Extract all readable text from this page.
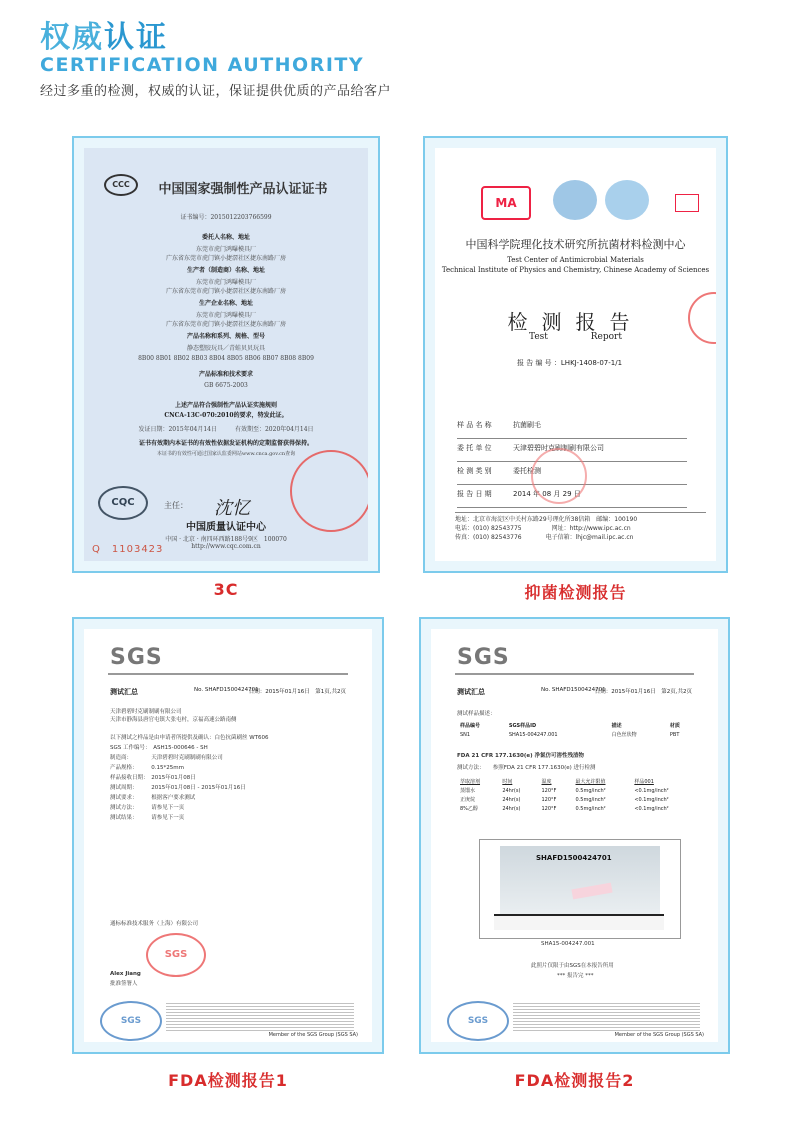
权威认证
CERTIFICATION AUTHORITY
经过多重的检测，权威的认证，保证提供优质的产品给客户
CCC	中国国家强制性产品认证证书
证书编号：2015012203766599
委托人名称、地址
东莞市虎门鸿曝模具厂
广东省东莞市虎门镇小捷滘社区捷东南路厂房
生产者（制造商）名称、地址
东莞市虎门鸿曝模具厂
广东省东莞市虎门镇小捷滘社区捷东南路厂房
生产企业名称、地址
东莞市虎门鸿曝模具厂
广东省东莞市虎门镇小捷滘社区捷东南路厂房
产品名称和系列、规格、型号
静态塑胶玩具／青蛙贝贝玩具
8B00 8B01 8B02 8B03 8B04 8B05 8B06 8B07 8B08 8B09
产品标准和技术要求
GB 6675-2003
上述产品符合强制性产品认证实施规则
CNCA-13C-070:2010的要求，特发此证。
发证日期：2015年04月14日　　　有效期至：2020年04月14日
证书有效期内本证书的有效性依据发证机构的定期监督获得保持。
本证书的有效性可通过国家认监委网站www.cnca.gov.cn查询
CQC	主任：	沈忆
中国质量认证中心
中国 · 北京 · 南四环西路188号9区　100070
http://www.cqc.com.cn
Q　1103423
3C
MA
中国科学院理化技术研究所抗菌材料检测中心
Test Center of Antimicrobial Materials
Technical Institute of Physics and Chemistry, Chinese Academy of Sciences
检测报告
Test Report
报 告 编 号 ：LHKJ-1408-07-1/1
样 品 名 称	抗菌刷毛
委 托 单 位	天津碧碧时克刷制刷有限公司
检 测 类 别	委托检测
报 告 日 期	2014 年 08 月 29 日
地址：北京市海淀区中关村东路29号理化所38信箱　邮编：100190
电话：(010) 82543775　　　　　网址：http://www.ipc.ac.cn
传真：(010) 82543776　　　　电子信箱：lhjc@mail.ipc.ac.cn
抑菌检测报告
SGS
测试汇总	No. SHAFD1500424701
日期：2015年01月16日　第1页,共2页
天津碧碧时克刷制刷有限公司
天津市静海县唐官屯镇大张屯村，京福高速公路南侧
以下测试之样品是由申请者所提供及确认：白色抗菌刷丝 WT606
SGS 工作编号：　ASH15-000646 - SH
制造商：　　　　天津碧碧时克刷制刷有限公司
产品规格：　　　0.15*25mm
样品接收日期：　2015年01月08日
测试周期：　　　2015年01月08日 - 2015年01月16日
测试要求：　　　根据客户要求测试
测试方法：　　　请参见下一页
测试结果：　　　请参见下一页
通标标准技术服务（上海）有限公司
SGS
Alex Jiang
批准签署人
SGS
Member of the SGS Group (SGS SA)
FDA检测报告1
SGS
测试汇总	No. SHAFD1500424701
日期：2015年01月16日　第2页,共2页
测试样品描述：
样品编号	SGS样品ID	描述	材质
SN1	SHA15-004247.001	白色丝状物	PBT
FDA 21 CFR 177.1630(e) 净氯仿可溶性残渣物
测试方法：　　参照FDA 21 CFR 177.1630(e) 进行检测
萃取溶剂	时间	温度	最大允许限值	样品001
蒸馏水	24hr(s)	120°F	0.5mg/inch²	<0.1mg/inch²
正庚烷	24hr(s)	120°F	0.5mg/inch²	<0.1mg/inch²
8%乙醇	24hr(s)	120°F	0.5mg/inch²	<0.1mg/inch²
SHAFD1500424701
SHA15-004247.001
此照片仅限于由SGS在本报告所用
*** 报告完 ***
SGS
Member of the SGS Group (SGS SA)
FDA检测报告2
